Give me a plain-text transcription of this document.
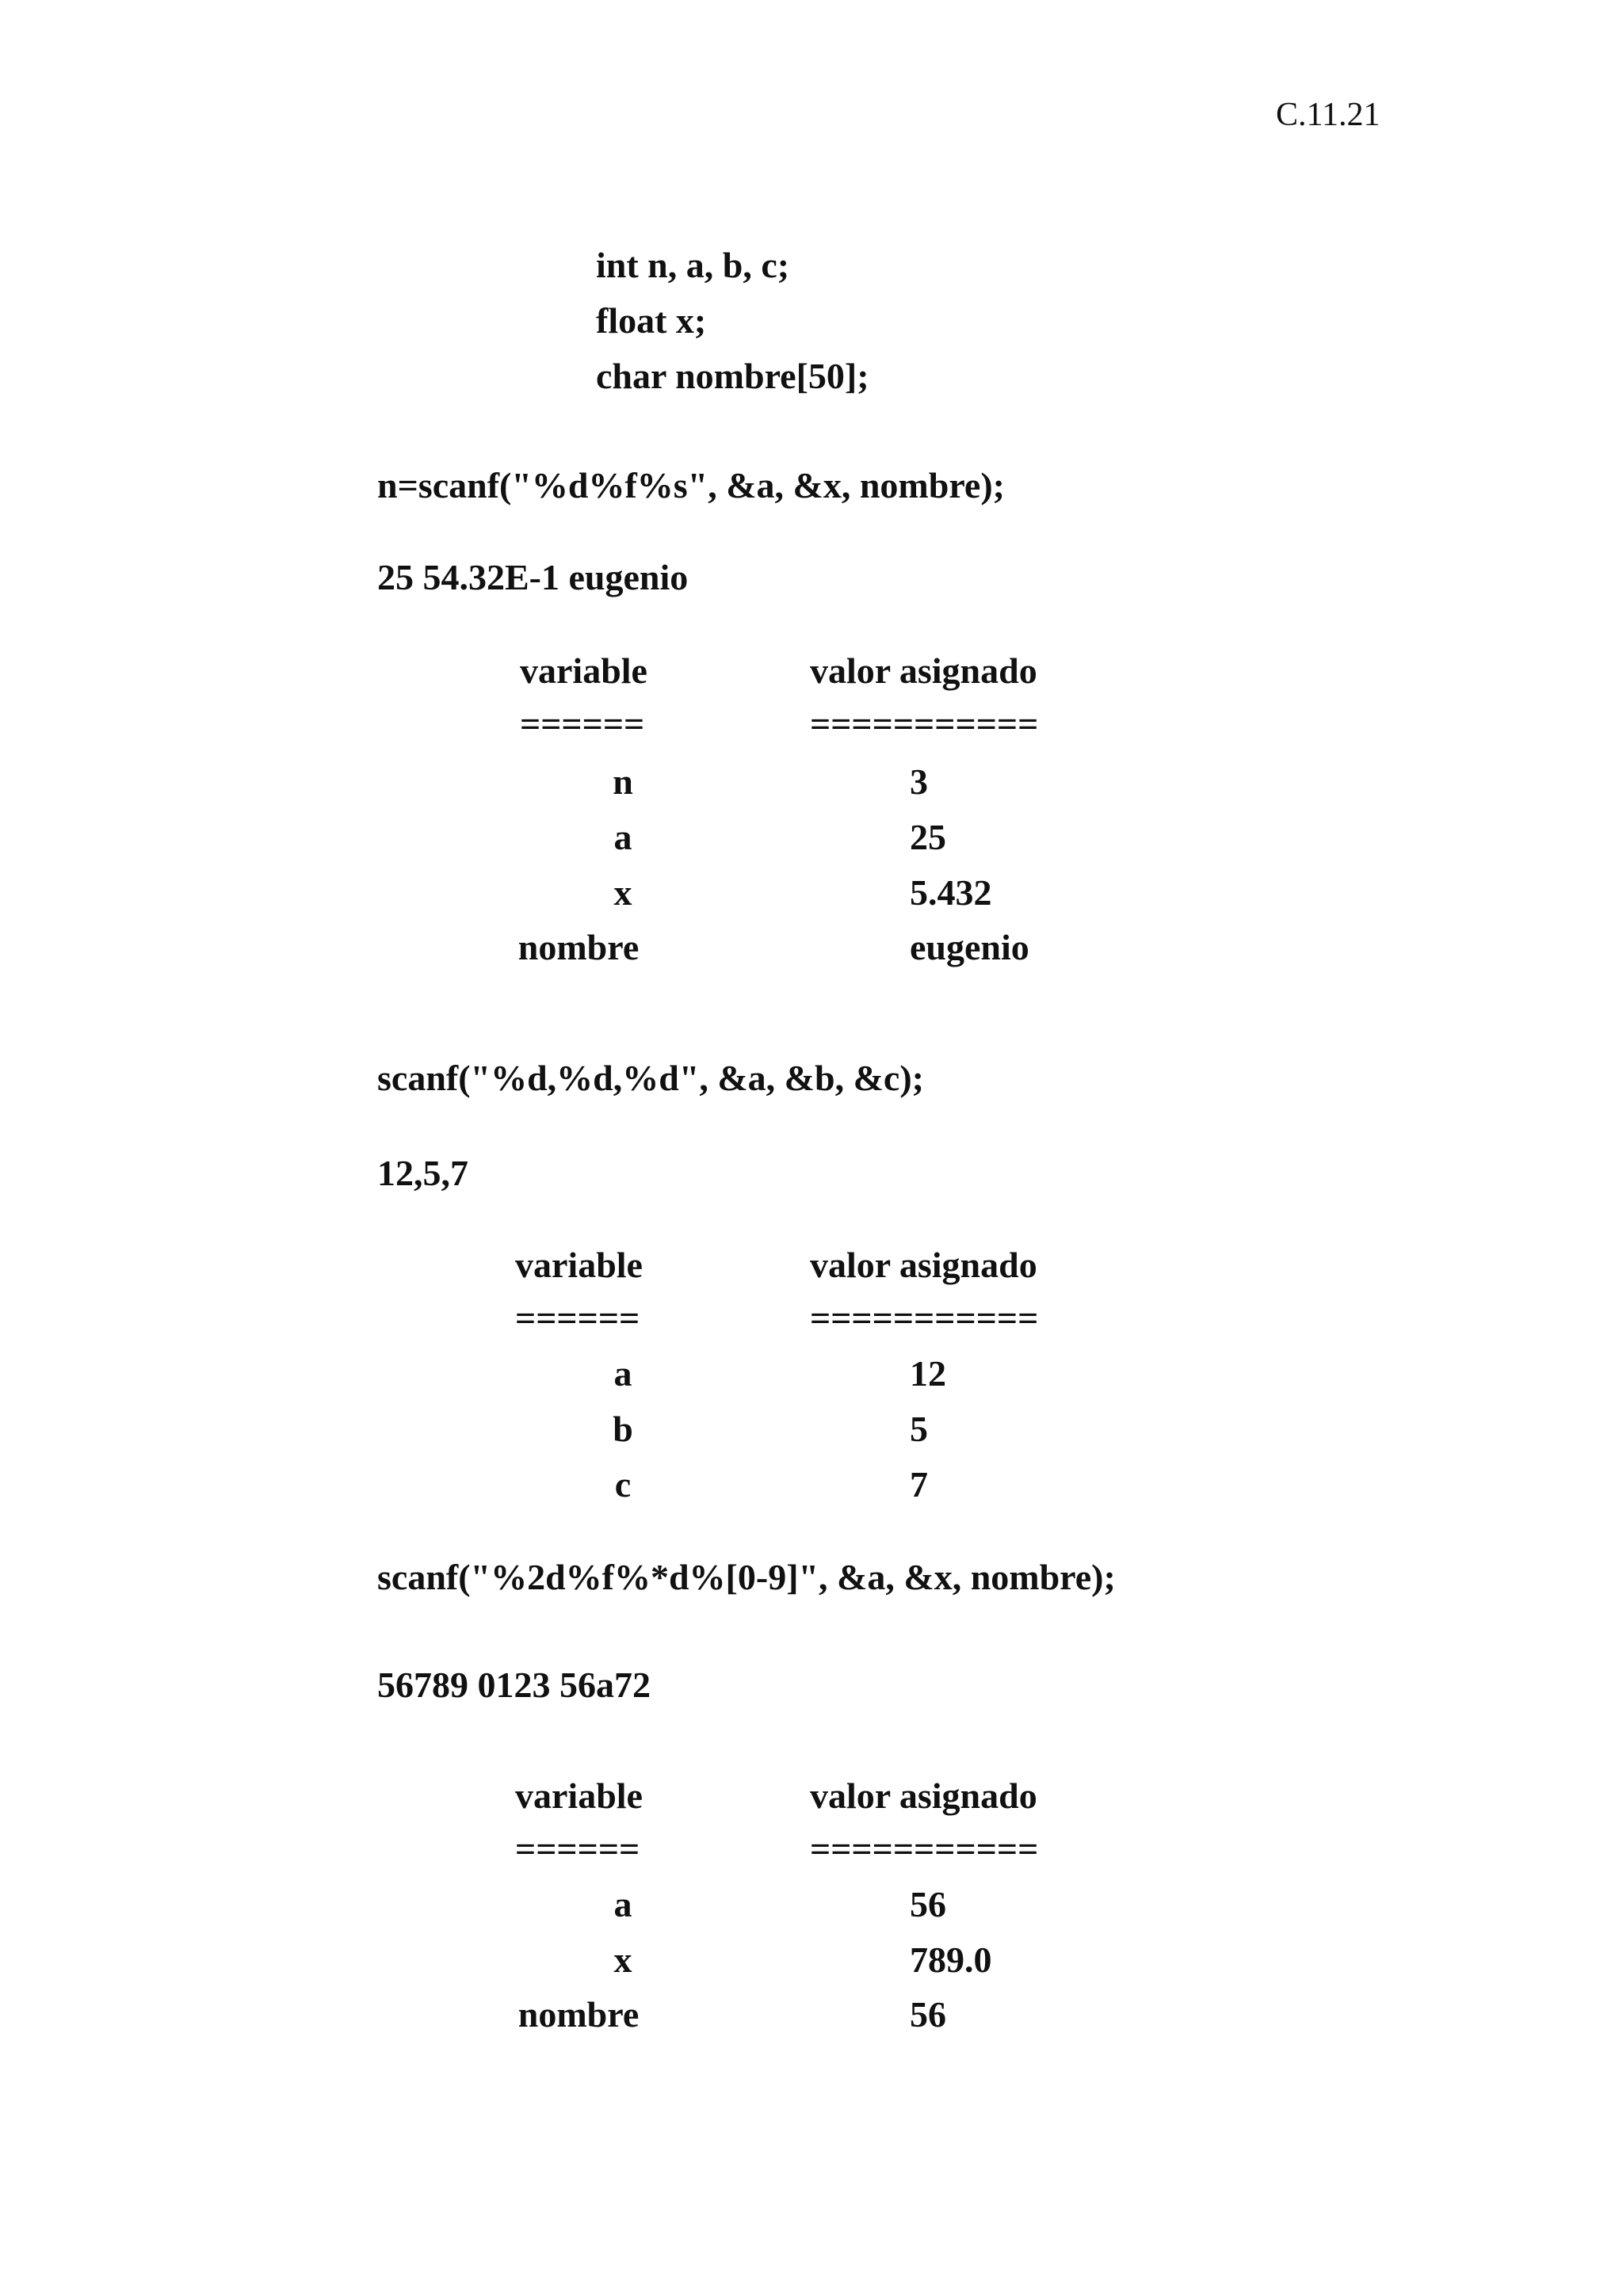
C.11.21
int n, a, b, c;
float x;
char nombre[50];
n=scanf("%d%f%s", &a, &x, nombre);
25 54.32E-1 eugenio
variable	valor asignado
======	===========
n	3
a	25
x	5.432
nombre	eugenio
scanf("%d,%d,%d", &a, &b, &c);
12,5,7
variable	valor asignado
======	===========
a	12
b	5
c	7
scanf("%2d%f%*d%[0-9]", &a, &x, nombre);
56789 0123 56a72
variable	valor asignado
======	===========
a	56
x	789.0
nombre	56
